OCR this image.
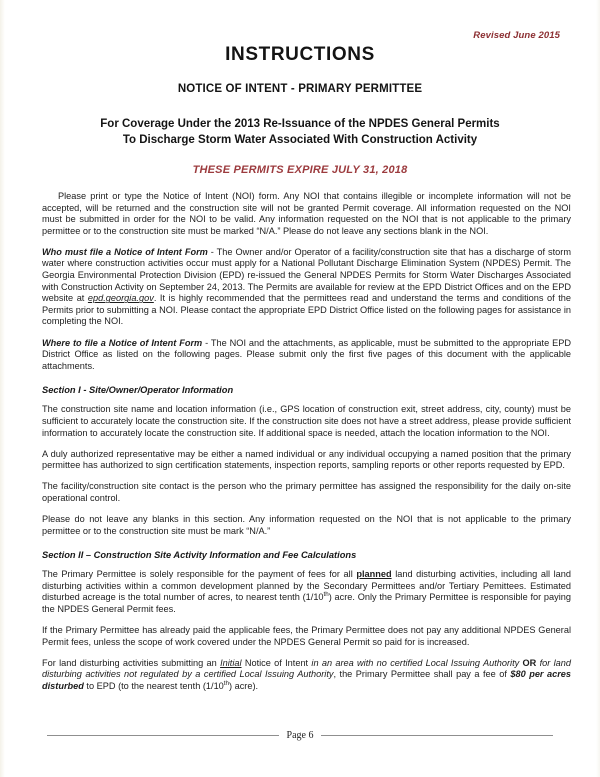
Revised June 2015
INSTRUCTIONS
NOTICE OF INTENT - PRIMARY PERMITTEE
For Coverage Under the 2013 Re-Issuance of the NPDES General Permits
To Discharge Storm Water Associated With Construction Activity
THESE PERMITS EXPIRE JULY 31, 2018

Please print or type the Notice of Intent (NOI) form. Any NOI that contains illegible or incomplete information will not be accepted, will be returned and the construction site will not be granted Permit coverage. All information requested on the NOI must be submitted in order for the NOI to be valid. Any information requested on the NOI that is not applicable to the primary permittee or to the construction site must be marked “N/A.” Please do not leave any sections blank in the NOI.

Who must file a Notice of Intent Form - The Owner and/or Operator of a facility/construction site that has a discharge of storm water where construction activities occur must apply for a National Pollutant Discharge Elimination System (NPDES) Permit. The Georgia Environmental Protection Division (EPD) re-issued the General NPDES Permits for Storm Water Discharges Associated with Construction Activity on September 24, 2013. The Permits are available for review at the EPD District Offices and on the EPD website at epd.georgia.gov. It is highly recommended that the permittees read and understand the terms and conditions of the Permits prior to submitting a NOI. Please contact the appropriate EPD District Office listed on the following pages for assistance in completing the NOI.

Where to file a Notice of Intent Form - The NOI and the attachments, as applicable, must be submitted to the appropriate EPD District Office as listed on the following pages. Please submit only the first five pages of this document with the applicable attachments.

Section I - Site/Owner/Operator Information

The construction site name and location information (i.e., GPS location of construction exit, street address, city, county) must be sufficient to accurately locate the construction site. If the construction site does not have a street address, please provide sufficient information to accurately locate the construction site. If additional space is needed, attach the location information to the NOI.

A duly authorized representative may be either a named individual or any individual occupying a named position that the primary permittee has authorized to sign certification statements, inspection reports, sampling reports or other reports requested by EPD.

The facility/construction site contact is the person who the primary permittee has assigned the responsibility for the daily on-site operational control.

Please do not leave any blanks in this section. Any information requested on the NOI that is not applicable to the primary permittee or to the construction site must be mark “N/A.”

Section II – Construction Site Activity Information and Fee Calculations

The Primary Permittee is solely responsible for the payment of fees for all planned land disturbing activities, including all land disturbing activities within a common development planned by the Secondary Permittees and/or Tertiary Pemittees. Estimated disturbed acreage is the total number of acres, to nearest tenth (1/10th) acre. Only the Primary Permittee is responsible for paying the NPDES General Permit fees.

If the Primary Permittee has already paid the applicable fees, the Primary Permittee does not pay any additional NPDES General Permit fees, unless the scope of work covered under the NPDES General Permit so paid for is increased.

For land disturbing activities submitting an Initial Notice of Intent in an area with no certified Local Issuing Authority OR for land disturbing activities not regulated by a certified Local Issuing Authority, the Primary Permittee shall pay a fee of $80 per acres disturbed to EPD (to the nearest tenth (1/10th) acre).

Page 6
